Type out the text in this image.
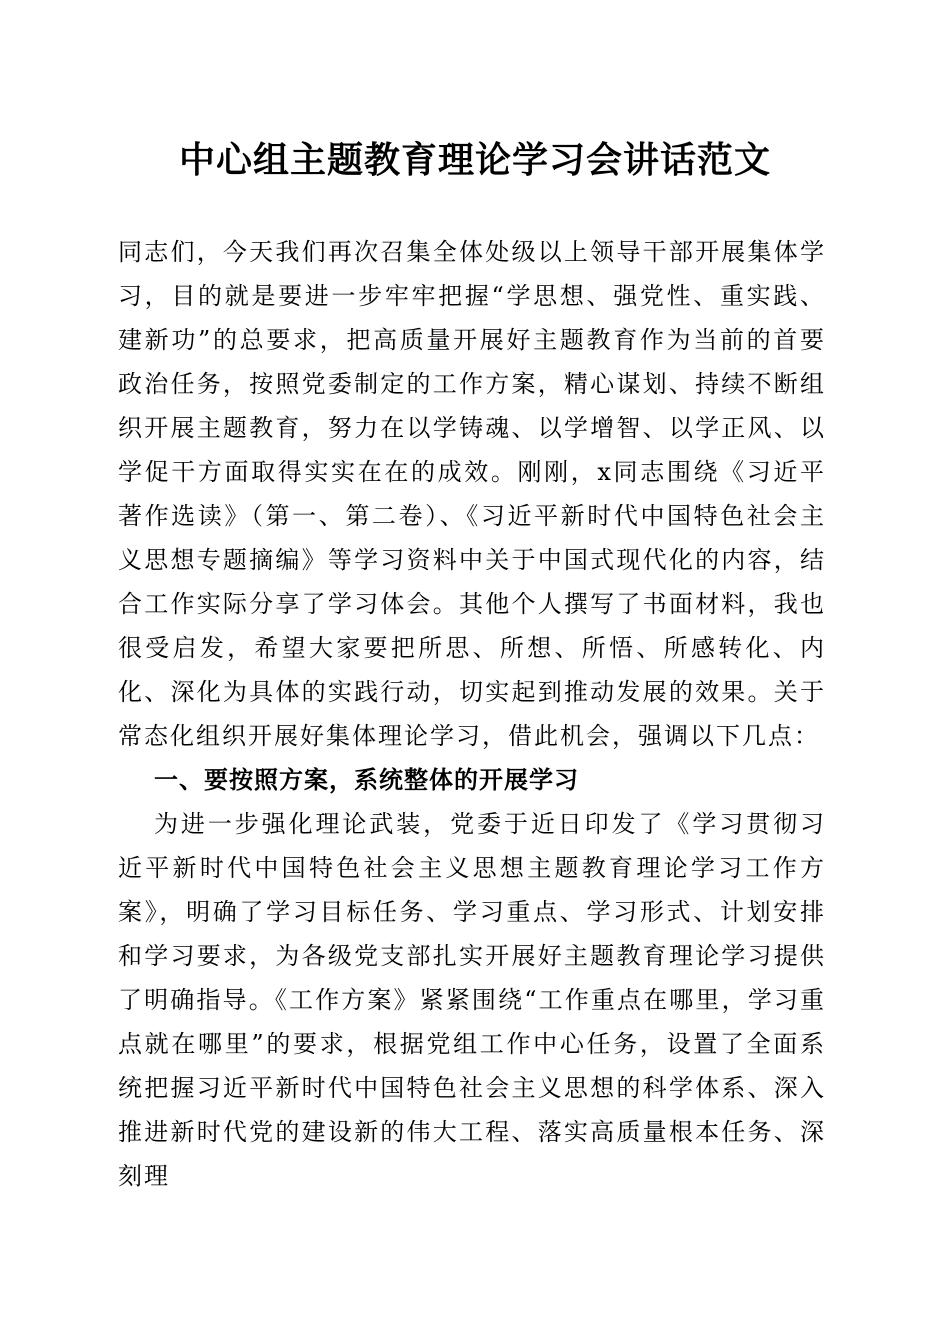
中心组主题教育理论学习会讲话范文

同志们，今天我们再次召集全体处级以上领导干部开展集体学习，目的就是要进一步牢牢把握“学思想、强党性、重实践、建新功”的总要求，把高质量开展好主题教育作为当前的首要政治任务，按照党委制定的工作方案，精心谋划、持续不断组织开展主题教育，努力在以学铸魂、以学增智、以学正风、以学促干方面取得实实在在的成效。刚刚，x同志围绕《习近平著作选读》（第一、第二卷）、《习近平新时代中国特色社会主义思想专题摘编》等学习资料中关于中国式现代化的内容，结合工作实际分享了学习体会。其他个人撰写了书面材料，我也很受启发，希望大家要把所思、所想、所悟、所感转化、内化、深化为具体的实践行动，切实起到推动发展的效果。关于常态化组织开展好集体理论学习，借此机会，强调以下几点：

一、要按照方案，系统整体的开展学习

为进一步强化理论武装，党委于近日印发了《学习贯彻习近平新时代中国特色社会主义思想主题教育理论学习工作方案》，明确了学习目标任务、学习重点、学习形式、计划安排和学习要求，为各级党支部扎实开展好主题教育理论学习提供了明确指导。《工作方案》紧紧围绕“工作重点在哪里，学习重点就在哪里”的要求，根据党组工作中心任务，设置了全面系统把握习近平新时代中国特色社会主义思想的科学体系、深入推进新时代党的建设新的伟大工程、落实高质量根本任务、深刻理
